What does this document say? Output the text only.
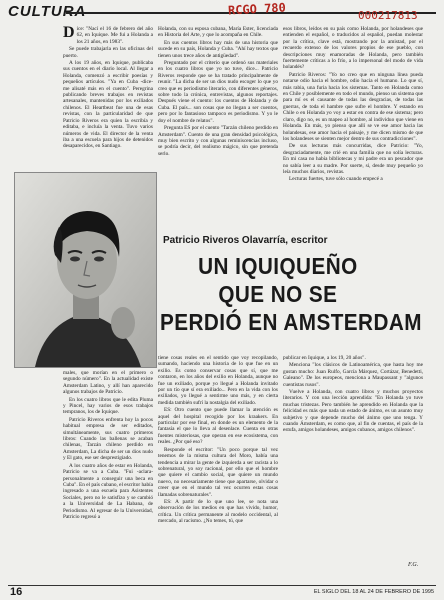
CULTURA	RCGO 780	000217813
D ice: "Nací el 16 de febrero del año 62, en Iquique. Me fui a Holanda a los 21 años, en 1983".

Se puede trabajarla en las oficinas del puerto.

A los 19 años, en Iquique, publicaba sus cuentos en el diario local. Al llegar a Holanda, comenzó a escribir poesías y pequeños artículos. "Ya en Cuba -dice- me alisaté más en el cuento". Peregrina publicando breves trabajos en revistas artesanales, mantenidas por los exiliados chilenos. El Heartbeat fue una de esas revistas, con la particularidad de que Patricio Riveros era quien la escribía y editaba, e incluía la venta. Tuvo varios números de vida. El director de la venta iba a una escuela para hijos de detenidos desaparecidos, en Santiago.

Holanda, con su esposa cubana, María Ester, licenciada en Historia del Arte, y que lo acompaña en Chile.

En sus cuentos libros hay más de una historia que sucede en su país, Holanda y Cuba. "Ahí hay textos que tienen unos trece años de antigüedad".

Preguntado por el criterio que ordenó sus materiales en los cuatro libros que yo no tuve, dice... Patricio Riveros responde que se ha tratado principalmente de reunir. "La dicha de ser un dios nudo escoger lo que yo creo que es periodismo literario, con diferentes géneros, sobre todo la crónica, entrevistas, algunos reportajes. Después viene el cuento: los cuentos de Holanda y de Cuba. El país... son cosas que no llegan a ser cuentos, pero por lo fantasioso tampoco es periodismo. Y yo le doy el nombre de relatos".

Pregunta ES por el cuento "Tarzán chileno perdido en Amsterdam". Cuento de una gran densidad psicológica, muy bien escrito y con algunas reminiscencias incluso, se podría decir, del realismo mágico, sin que pretenda serlo.

esos libros, leídos en su país como Holanda, por holandeses que entienden el español, o traducidos al español, puedan molestar por la crítica, clave está, mostrando por la amistad, por el recuerdo extenso de los valores propios de ese pueblo, con descripciones muy enamoradas de Holanda, pero también fuertemente críticas a lo frío, a lo impersonal del modo de vida holandés?

Patricio Riveros: "Yo no creo que en ninguna línea pueda notarse odio hacia el hombre, odio hacia el humano. Lo que sí, más rabia, una furia hacia los sistemas. Tanto en Holanda como en Chile y posiblemente en todo el mundo, pienso un sistema que para mí es el causante de todas las desgracias, de todas las guerras, de toda el hambre que sufre el hombre. Y estando en Chile o en Holanda yo voy a estar en contra de ese sistema; pero claro, digo no, es un mapeo al hombre, al individuo que viene en Holanda. En más, yo pienso que allí se ve ese amor hacia las holandesas, ese amor hacia el paisaje, y me dicen mismo de que los holandeses se sienten mejor dentro de sus contradicciones".

De sus lecturas más concurridas, dice Patricio: "Yo, desgraciadamente, me crié en una familia que no solía lecturas. En mi casa no había bibliotecas y mi padre era un pescador que no sabía leer a su madre. Por suerte, si, desde muy pequeño yo leía muchos diarios, revistas.

Lecturas fuertes, tuve sólo cuando empecé a

Patricio Riveros Olavarría, escritor
UN IQUIQUEÑO
QUE NO SE
PERDIÓ EN AMSTERDAM

males, que morían en el primero o segundo número". En la actualidad existe Amsterdam Latino, y allí han aparecido algunos trabajos de Patricio.

En los cuatro libros que le edita Pluma y Pincel, hay varios de esos trabajos tempranos, los de Iquique.

Patricio Riveros enfrenta hoy la pocos habitual empresa de ser editados, simultáneamente, sus cuatro primeros libros: Cuando las ballenas se acaban chilenas, Tarzán chileno perdido en Amsterdam, La dicha de ser un dios nudo y El gato, ese ser desprestigiado.

A los cuatro años de estar en Holanda, Patricio se va a Cuba. "Fui -aclara- personalmente a conseguir una beca en Cuba". En el país cubano, el escritor había ingresado a una escuela para Asistentes Sociales, pero no le satisfizo y se cambió a la Universidad de La Habana, de Periodismo. Al egresar de la Universidad, Patricio regresó a

tiene cosas reales en el sentido que voy recopilando, sumando, haciendo una historia de lo que fue en un exilio. Es como conservar cosas que sí, que me contaron, en los años del exilio en Holanda, aunque no fue un exiliado, porque yo llegué a Holanda invitado por un tío que sí era exiliado... Pero en la vida con los exiliados, yo llegué a sentirme uno más, y en cierta medida también sufrí la nostalgia del exiliado.

ES: Otro cuento que puede llamar la atención es aquel del hospital recogido por los kraakers. En particular por ese final, en donde es un elemento de la fantasía el que lo lleva al desenlace. Cuenta en otras fuentes misteriosas, que operan en ese ecosistema, con reales. ¿Por qué eso?

Responde el escritor: "Un poco porque tal vez tenemos de la misma cultura del Moro, había una tendencia a mirar la gente de izquierda a ser racista a lo sobrenatural, yo soy racional, por ello que el hombre que quiere el cambio social, que quiere un mundo nuevo, no necesariamente tiene que apartarse, olvidar o creer que en el mundo tal vez ocurren estas cosas llamadas sobrenaturales".

ES: A partir de lo que uno lee, se nota una observación de los medios en que has vivido, humor, crítica. Un crítica permanente al modelo occidental, al mercado, al racismo. ¿No temes, tú, que

publicar en Iquique, a los 19, 20 años".

Menciona "los clásicos de Latinoamérica, que hasta hoy me gustan mucho: Juan Rulfo, García Márquez, Cortázar, Benedetti, Galeano". De los europeos, menciona a Maupassant y "algunos cuentistas rusos".

Vuelve a Holanda, con cuatro libros y muchos proyectos literarios. Y con una lección aprendida: "En Holanda yo tuve muchas tristezas. Pero también he aprendido en Holanda que la felicidad es más que nada un estado de ánimo, es un asunto muy subjetivo y que depende mucho del ánimo que uno tenga. Y cuando Ámsterdam, es como que, al fin de cuentas, el país de la estufa, amigos holandeses, amigos cubanos, amigos chilenos".

F.G.
16	EL SIGLO DEL 18 AL 24 DE FEBRERO DE 1995
